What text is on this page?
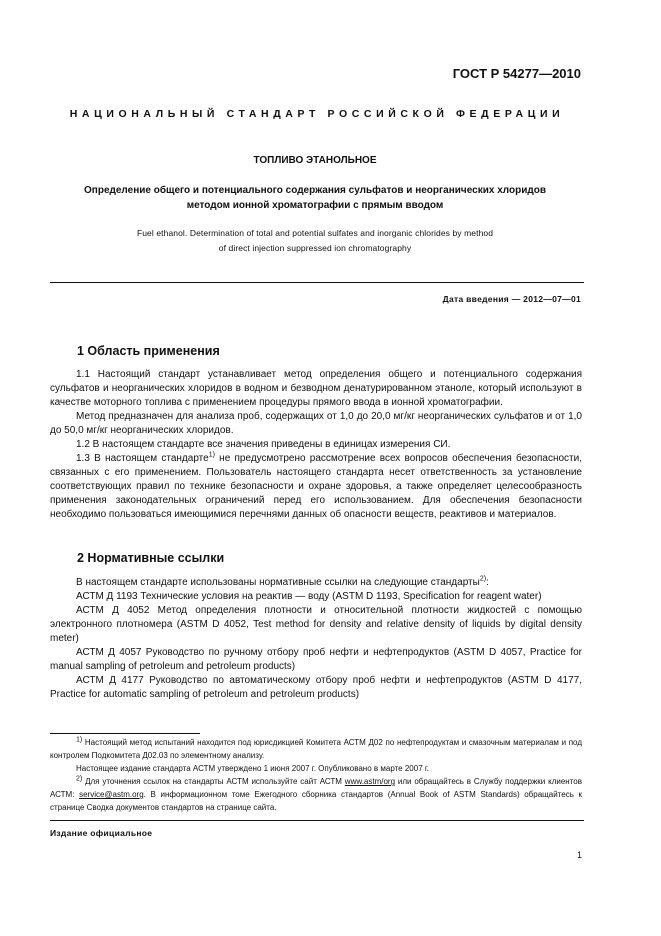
ГОСТ Р 54277—2010
НАЦИОНАЛЬНЫЙ СТАНДАРТ РОССИЙСКОЙ ФЕДЕРАЦИИ
ТОПЛИВО ЭТАНОЛЬНОЕ
Определение общего и потенциального содержания сульфатов и неорганических хлоридов
методом ионной хроматографии с прямым вводом
Fuel ethanol. Determination of total and potential sulfates and inorganic chlorides by method
of direct injection suppressed ion chromatography
Дата введения — 2012—07—01
1 Область применения

1.1 Настоящий стандарт устанавливает метод определения общего и потенциального содержания сульфатов и неорганических хлоридов в водном и безводном денатурированном этаноле, который используют в качестве моторного топлива с применением процедуры прямого ввода в ионной хроматографии.

Метод предназначен для анализа проб, содержащих от 1,0 до 20,0 мг/кг неорганических сульфатов и от 1,0 до 50,0 мг/кг неорганических хлоридов.

1.2 В настоящем стандарте все значения приведены в единицах измерения СИ.

1.3 В настоящем стандарте$^{1)}$ не предусмотрено рассмотрение всех вопросов обеспечения безопасности, связанных с его применением. Пользователь настоящего стандарта несет ответственность за установление соответствующих правил по технике безопасности и охране здоровья, а также определяет целесообразность применения законодательных ограничений перед его использованием. Для обеспечения безопасности необходимо пользоваться имеющимися перечнями данных об опасности веществ, реактивов и материалов.

2 Нормативные ссылки

В настоящем стандарте использованы нормативные ссылки на следующие стандарты$^{2)}$:

АСТМ Д 1193 Технические условия на реактив — воду (ASTM D 1193, Specification for reagent water)

АСТМ Д 4052 Метод определения плотности и относительной плотности жидкостей с помощью электронного плотномера (ASTM D 4052, Test method for density and relative density of liquids by digital density meter)

АСТМ Д 4057 Руководство по ручному отбору проб нефти и нефтепродуктов (ASTM D 4057, Practice for manual sampling of petroleum and petroleum products)

АСТМ Д 4177 Руководство по автоматическому отбору проб нефти и нефтепродуктов (ASTM D 4177, Practice for automatic sampling of petroleum and petroleum products)

$^{1)}$ Настоящий метод испытаний находится под юрисдикцией Комитета АСТМ Д02 по нефтепродуктам и смазочным материалам и под контролем Подкомитета Д02.03 по элементному анализу.

Настоящее издание стандарта АСТМ утверждено 1 июня 2007 г. Опубликовано в марте 2007 г.

$^{2)}$ Для уточнения ссылок на стандарты АСТМ используйте сайт АСТМ www.astm/org или обращайтесь в Службу поддержки клиентов АСТМ: service@astm.org. В информационном томе Ежегодного сборника стандартов (Annual Book of ASTM Standards) обращайтесь к странице Сводка документов стандартов на странице сайта.

Издание официальное
1
